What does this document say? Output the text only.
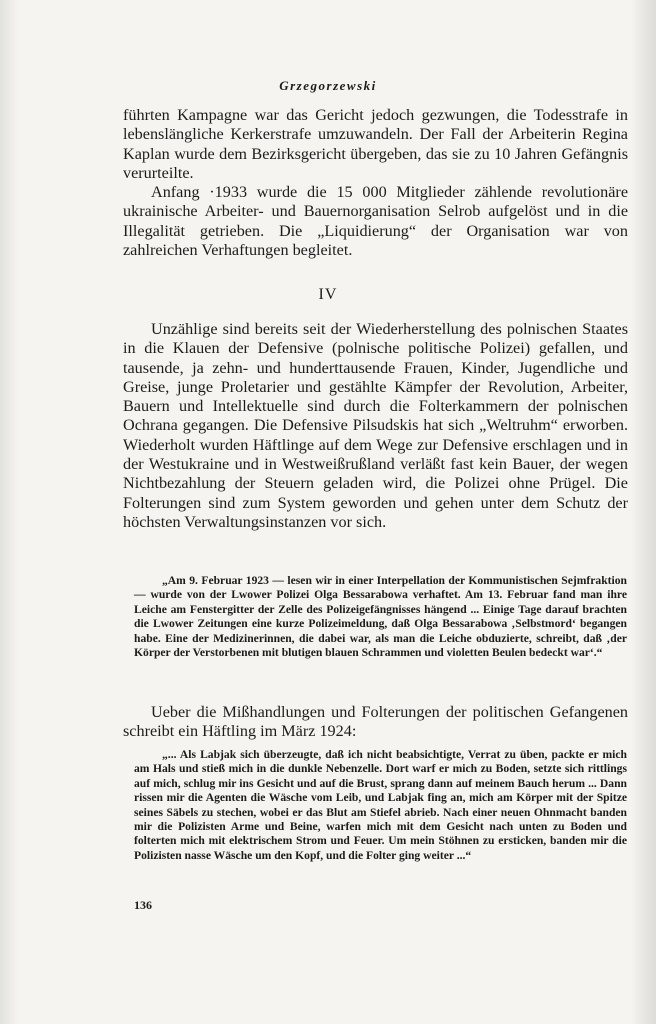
Grzegorzewski

führten Kampagne war das Gericht jedoch gezwungen, die Todesstrafe in lebenslängliche Kerkerstrafe umzuwandeln. Der Fall der Arbeiterin Regina Kaplan wurde dem Bezirksgericht übergeben, das sie zu 10 Jahren Gefängnis verurteilte.

Anfang ·1933 wurde die 15 000 Mitglieder zählende revolutionäre ukrainische Arbeiter- und Bauernorganisation Selrob aufgelöst und in die Illegalität getrieben. Die „Liquidierung“ der Organisation war von zahlreichen Verhaftungen begleitet.

IV

Unzählige sind bereits seit der Wiederherstellung des polnischen Staates in die Klauen der Defensive (polnische politische Polizei) gefallen, und tausende, ja zehn- und hunderttausende Frauen, Kinder, Jugendliche und Greise, junge Proletarier und gestählte Kämpfer der Revolution, Arbeiter, Bauern und Intellektuelle sind durch die Folterkammern der polnischen Ochrana gegangen. Die Defensive Pilsudskis hat sich „Weltruhm“ erworben. Wiederholt wurden Häftlinge auf dem Wege zur Defensive erschlagen und in der Westukraine und in Westweißrußland verläßt fast kein Bauer, der wegen Nichtbezahlung der Steuern geladen wird, die Polizei ohne Prügel. Die Folterungen sind zum System geworden und gehen unter dem Schutz der höchsten Verwaltungsinstanzen vor sich.

„Am 9. Februar 1923 — lesen wir in einer Interpellation der Kommunistischen Sejmfraktion — wurde von der Lwower Polizei Olga Bessarabowa verhaftet. Am 13. Februar fand man ihre Leiche am Fenstergitter der Zelle des Polizeigefängnisses hängend ... Einige Tage darauf brachten die Lwower Zeitungen eine kurze Polizeimeldung, daß Olga Bessarabowa ‚Selbstmord‘ begangen habe. Eine der Medizinerinnen, die dabei war, als man die Leiche obduzierte, schreibt, daß ‚der Körper der Verstorbenen mit blutigen blauen Schrammen und violetten Beulen bedeckt war‘.“

Ueber die Mißhandlungen und Folterungen der politischen Gefangenen schreibt ein Häftling im März 1924:

„... Als Labjak sich überzeugte, daß ich nicht beabsichtigte, Verrat zu üben, packte er mich am Hals und stieß mich in die dunkle Nebenzelle. Dort warf er mich zu Boden, setzte sich rittlings auf mich, schlug mir ins Gesicht und auf die Brust, sprang dann auf meinem Bauch herum ... Dann rissen mir die Agenten die Wäsche vom Leib, und Labjak fing an, mich am Körper mit der Spitze seines Säbels zu stechen, wobei er das Blut am Stiefel abrieb. Nach einer neuen Ohnmacht banden mir die Polizisten Arme und Beine, warfen mich mit dem Gesicht nach unten zu Boden und folterten mich mit elektrischem Strom und Feuer. Um mein Stöhnen zu ersticken, banden mir die Polizisten nasse Wäsche um den Kopf, und die Folter ging weiter ...“

136
